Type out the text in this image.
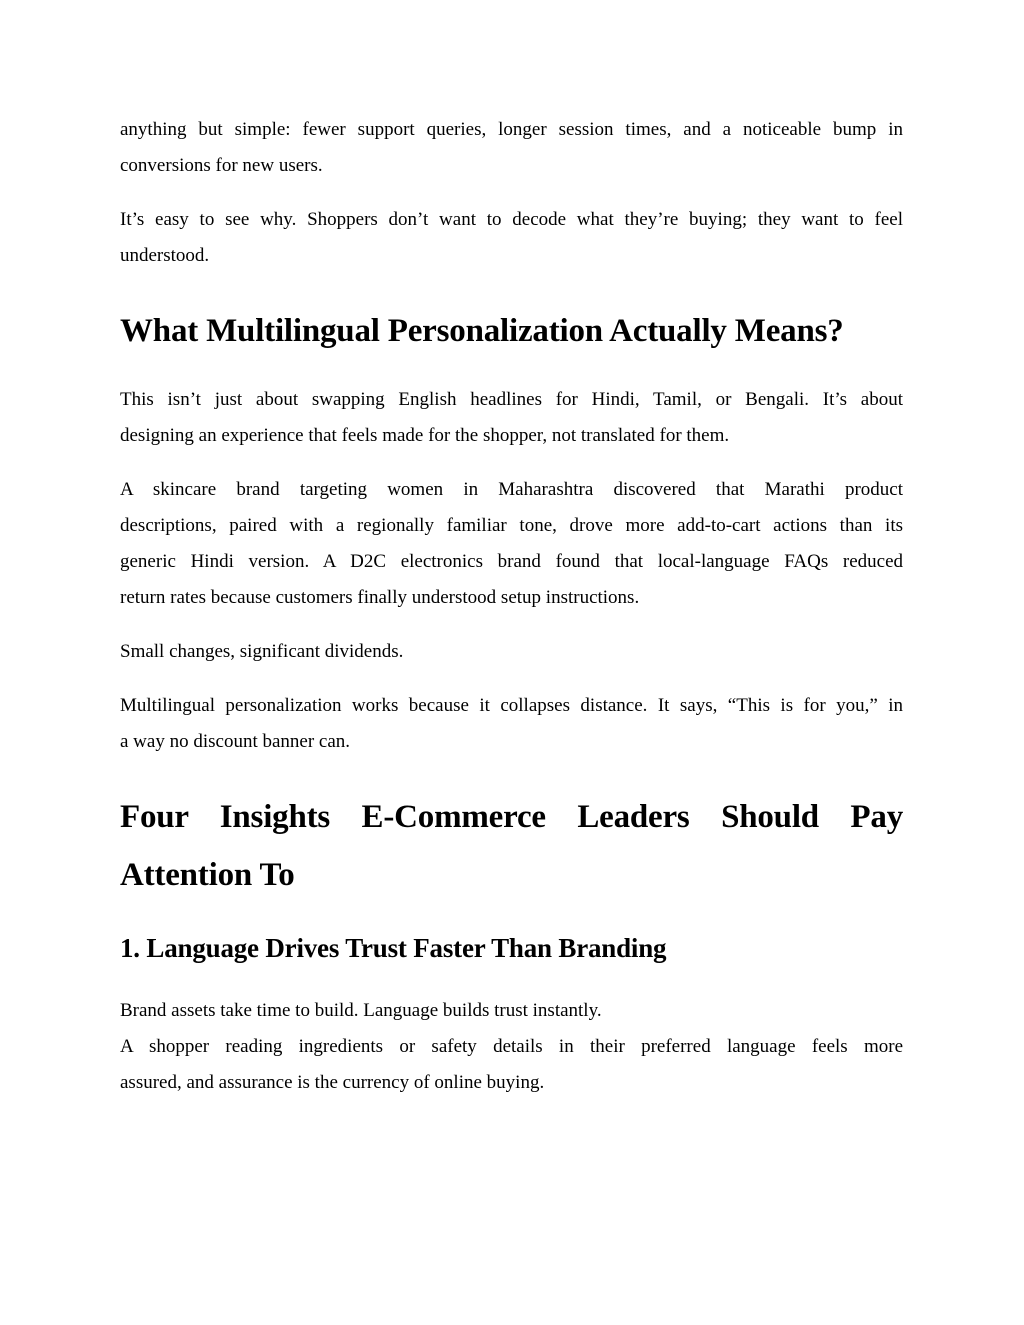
anything but simple: fewer support queries, longer session times, and a noticeable bump in
conversions for new users.

It’s easy to see why. Shoppers don’t want to decode what they’re buying; they want to feel
understood.

What Multilingual Personalization Actually Means?

This isn’t just about swapping English headlines for Hindi, Tamil, or Bengali. It’s about
designing an experience that feels made for the shopper, not translated for them.

A skincare brand targeting women in Maharashtra discovered that Marathi product
descriptions, paired with a regionally familiar tone, drove more add-to-cart actions than its
generic Hindi version. A D2C electronics brand found that local-language FAQs reduced
return rates because customers finally understood setup instructions.

Small changes, significant dividends.

Multilingual personalization works because it collapses distance. It says, “This is for you,” in
a way no discount banner can.

Four Insights E-Commerce Leaders Should Pay
Attention To
1. Language Drives Trust Faster Than Branding

Brand assets take time to build. Language builds trust instantly.
A shopper reading ingredients or safety details in their preferred language feels more
assured, and assurance is the currency of online buying.
